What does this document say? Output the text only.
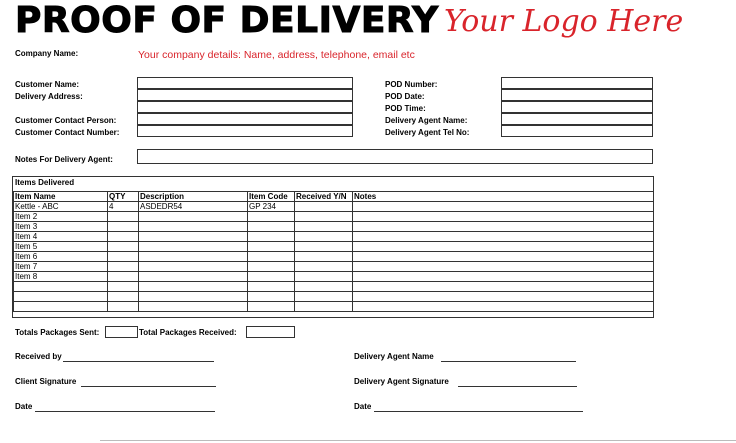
PROOF OF DELIVERY Your Logo Here
Company Name:	Your company details: Name, address, telephone, email etc
Customer Name:
Delivery Address:
Customer Contact Person:
Customer Contact Number:
POD Number:
POD Date:
POD Time:
Delivery Agent Name:
Delivery Agent Tel No:
Notes For Delivery Agent:
Items Delivered
Item Name	QTY	Description	Item Code	Received Y/N	Notes
Kettle - ABC	4	ASDEDR54	GP 234		
Item 2					
Item 3					
Item 4					
Item 5					
Item 6					
Item 7					
Item 8					

Totals Packages Sent:	Total Packages Received:
Received by
Client Signature
Date
Delivery Agent Name
Delivery Agent Signature
Date
